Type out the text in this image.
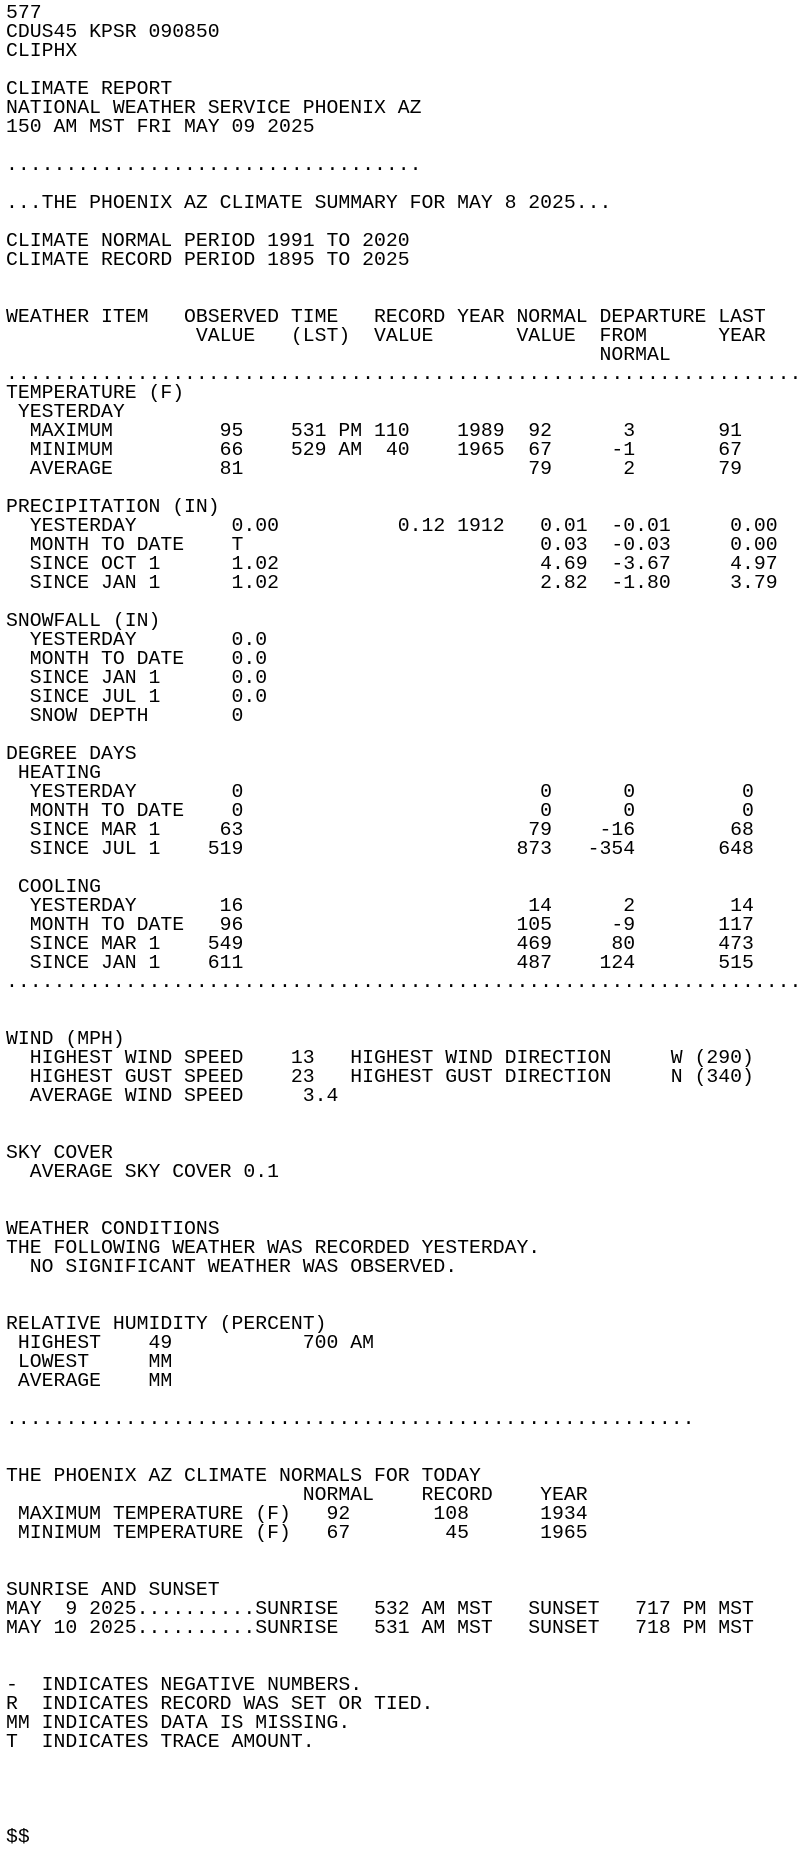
577
CDUS45 KPSR 090850
CLIPHX

CLIMATE REPORT
NATIONAL WEATHER SERVICE PHOENIX AZ
150 AM MST FRI MAY 09 2025

...................................

...THE PHOENIX AZ CLIMATE SUMMARY FOR MAY 8 2025...

CLIMATE NORMAL PERIOD 1991 TO 2020
CLIMATE RECORD PERIOD 1895 TO 2025

WEATHER ITEM   OBSERVED TIME   RECORD YEAR NORMAL DEPARTURE LAST
VALUE   (LST)  VALUE       VALUE  FROM      YEAR
NORMAL
...................................................................
TEMPERATURE (F)
YESTERDAY
MAXIMUM         95    531 PM 110    1989  92      3       91
MINIMUM         66    529 AM  40    1965  67     -1       67
AVERAGE         81                        79      2       79

PRECIPITATION (IN)
YESTERDAY        0.00          0.12 1912   0.01  -0.01     0.00
MONTH TO DATE    T                         0.03  -0.03     0.00
SINCE OCT 1      1.02                      4.69  -3.67     4.97
SINCE JAN 1      1.02                      2.82  -1.80     3.79

SNOWFALL (IN)
YESTERDAY        0.0
MONTH TO DATE    0.0
SINCE JAN 1      0.0
SINCE JUL 1      0.0
SNOW DEPTH       0

DEGREE DAYS
HEATING
YESTERDAY        0                         0      0         0
MONTH TO DATE    0                         0      0         0
SINCE MAR 1     63                        79    -16        68
SINCE JUL 1    519                       873   -354       648

COOLING
YESTERDAY       16                        14      2        14
MONTH TO DATE   96                       105     -9       117
SINCE MAR 1    549                       469     80       473
SINCE JAN 1    611                       487    124       515
...................................................................

WIND (MPH)
HIGHEST WIND SPEED    13   HIGHEST WIND DIRECTION     W (290)
HIGHEST GUST SPEED    23   HIGHEST GUST DIRECTION     N (340)
AVERAGE WIND SPEED     3.4

SKY COVER
AVERAGE SKY COVER 0.1

WEATHER CONDITIONS
THE FOLLOWING WEATHER WAS RECORDED YESTERDAY.
NO SIGNIFICANT WEATHER WAS OBSERVED.

RELATIVE HUMIDITY (PERCENT)
HIGHEST    49           700 AM
LOWEST     MM
AVERAGE    MM

..........................................................

THE PHOENIX AZ CLIMATE NORMALS FOR TODAY
NORMAL    RECORD    YEAR
MAXIMUM TEMPERATURE (F)   92       108      1934
MINIMUM TEMPERATURE (F)   67        45      1965

SUNRISE AND SUNSET
MAY  9 2025..........SUNRISE   532 AM MST   SUNSET   717 PM MST
MAY 10 2025..........SUNRISE   531 AM MST   SUNSET   718 PM MST

-  INDICATES NEGATIVE NUMBERS.
R  INDICATES RECORD WAS SET OR TIED.
MM INDICATES DATA IS MISSING.
T  INDICATES TRACE AMOUNT.

$$
